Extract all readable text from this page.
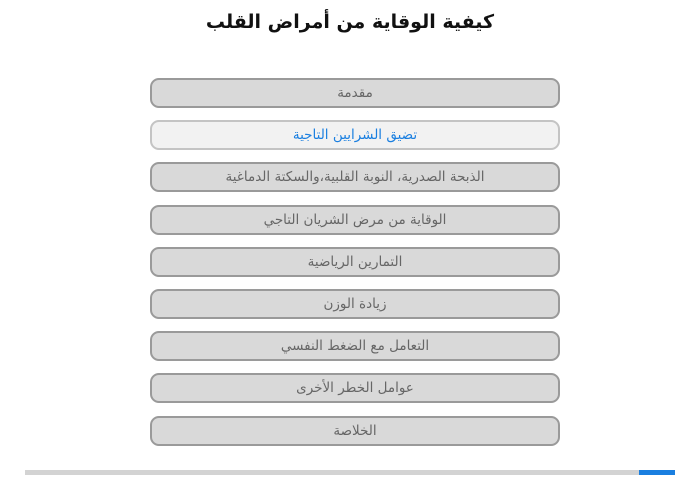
كيفية الوقاية من أمراض القلب
مقدمة
تضيق الشرايين التاجية
الذبحة الصدرية، النوبة القلبية،والسكتة الدماغية
الوقاية من مرض الشريان التاجي
التمارين الرياضية
زيادة الوزن
التعامل مع الضغط النفسي
عوامل الخطر الأخرى
الخلاصة
